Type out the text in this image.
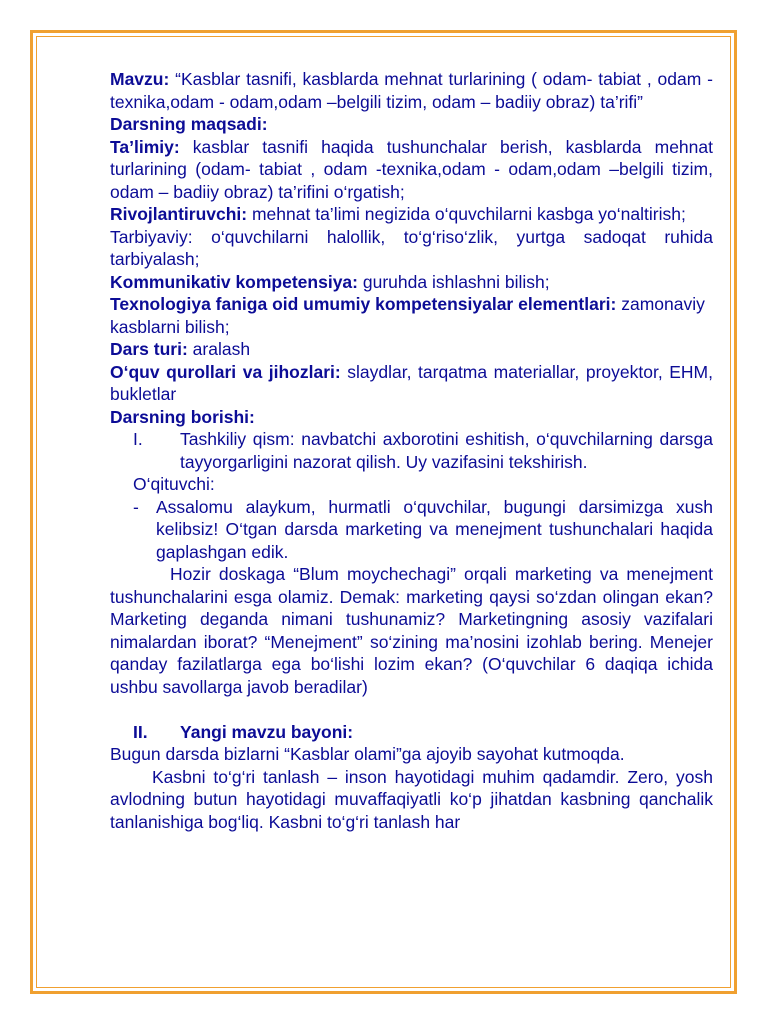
Mavzu: “Kasblar tasnifi, kasblarda mehnat turlarining ( odam- tabiat , odam -texnika,odam - odam,odam –belgili tizim, odam – badiiy obraz) ta’rifi”

Darsning maqsadi:

Ta’limiy: kasblar tasnifi haqida tushunchalar berish, kasblarda mehnat turlarining (odam- tabiat , odam -texnika,odam - odam,odam –belgili tizim, odam – badiiy obraz) ta’rifini o‘rgatish;

Rivojlantiruvchi: mehnat ta’limi negizida o‘quvchilarni kasbga yo‘naltirish;

Tarbiyaviy: o‘quvchilarni halollik, to‘g‘riso‘zlik, yurtga sadoqat ruhida tarbiyalash;

Kommunikativ kompetensiya: guruhda ishlashni bilish;

Texnologiya faniga oid umumiy kompetensiyalar elementlari: zamonaviy kasblarni bilish;

Dars turi: aralash

O‘quv qurollari va jihozlari: slaydlar, tarqatma materiallar, proyektor, EHM, bukletlar

Darsning borishi:

I.	Tashkiliy qism: navbatchi axborotini eshitish, o‘quvchilarning darsga tayyorgarligini nazorat qilish. Uy vazifasini tekshirish.

O‘qituvchi:

- Assalomu alaykum, hurmatli o‘quvchilar, bugungi darsimizga xush kelibsiz! O‘tgan darsda marketing va menejment tushunchalari haqida gaplashgan edik.

Hozir doskaga “Blum moychechagi” orqali marketing va menejment tushunchalarini esga olamiz. Demak: marketing qaysi so‘zdan olingan ekan? Marketing deganda nimani tushunamiz? Marketingning asosiy vazifalari nimalardan iborat? “Menejment” so‘zining ma’nosini izohlab bering. Menejer qanday fazilatlarga ega bo‘lishi lozim ekan? (O‘quvchilar 6 daqiqa ichida ushbu savollarga javob beradilar)

II.	Yangi mavzu bayoni:

Bugun darsda bizlarni “Kasblar olami”ga ajoyib sayohat kutmoqda.

Kasbni to‘g‘ri tanlash – inson hayotidagi muhim qadamdir. Zero, yosh avlodning butun hayotidagi muvaffaqiyatli ko‘p jihatdan kasbning qanchalik tanlanishiga bog‘liq. Kasbni to‘g‘ri tanlash har
